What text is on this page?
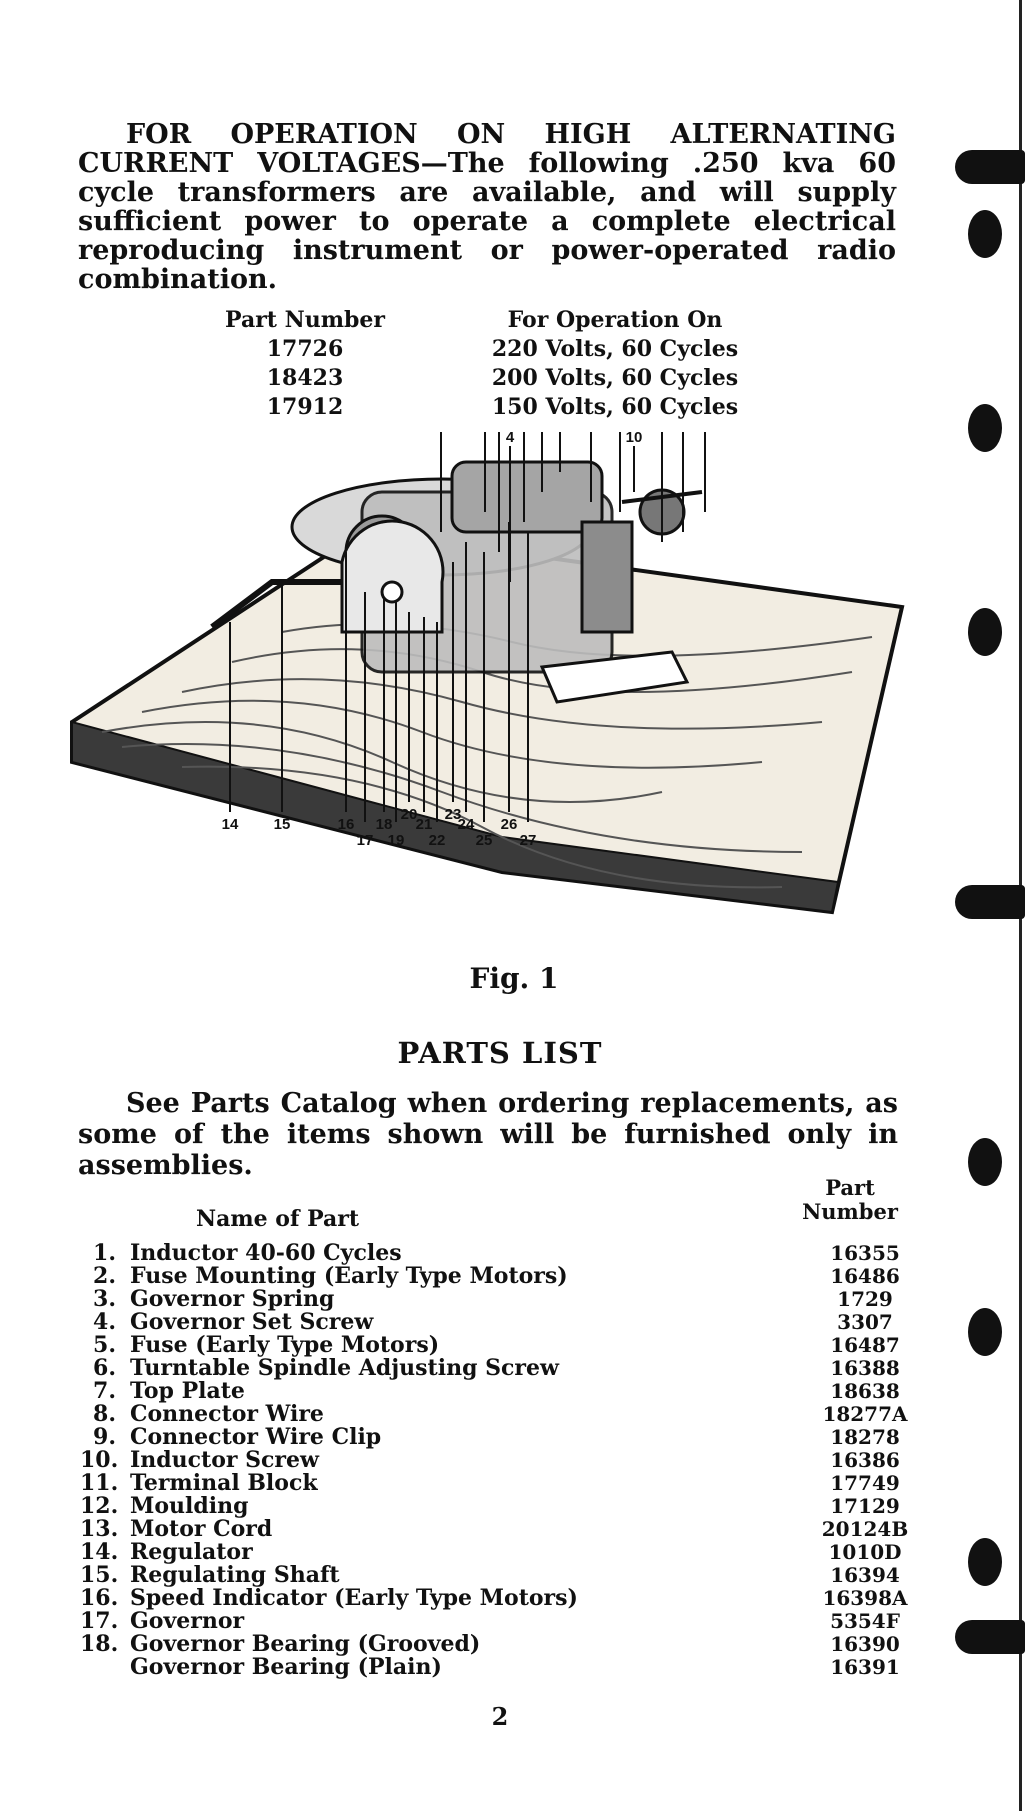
FOR OPERATION ON HIGH ALTERNATING CURRENT VOLTAGES—The following .250 kva 60 cycle transformers are available, and will supply sufficient power to operate a complete electrical reproducing instrument or power-operated radio combination.

Part Number	For Operation On
17726	220 Volts, 60 Cycles
18423	200 Volts, 60 Cycles
17912	150 Volts, 60 Cycles
4	10
14 15	16
17
18
19
20
21
22
23
24
25
26
27
Fig. 1
PARTS LIST

See Parts Catalog when ordering replacements, as some of the items shown will be furnished only in assemblies.

Part
Number
Name of Part
1. Inductor 40-60 Cycles	16355
2. Fuse Mounting (Early Type Motors)	16486
3. Governor Spring	1729
4. Governor Set Screw	3307
5. Fuse (Early Type Motors)	16487
6. Turntable Spindle Adjusting Screw	16388
7. Top Plate	18638
8. Connector Wire	18277A
9. Connector Wire Clip	18278
10. Inductor Screw	16386
11. Terminal Block	17749
12. Moulding	17129
13. Motor Cord	20124B
14. Regulator	1010D
15. Regulating Shaft	16394
16. Speed Indicator (Early Type Motors)	16398A
17. Governor	5354F
18. Governor Bearing (Grooved)	16390
Governor Bearing (Plain)	16391
2
